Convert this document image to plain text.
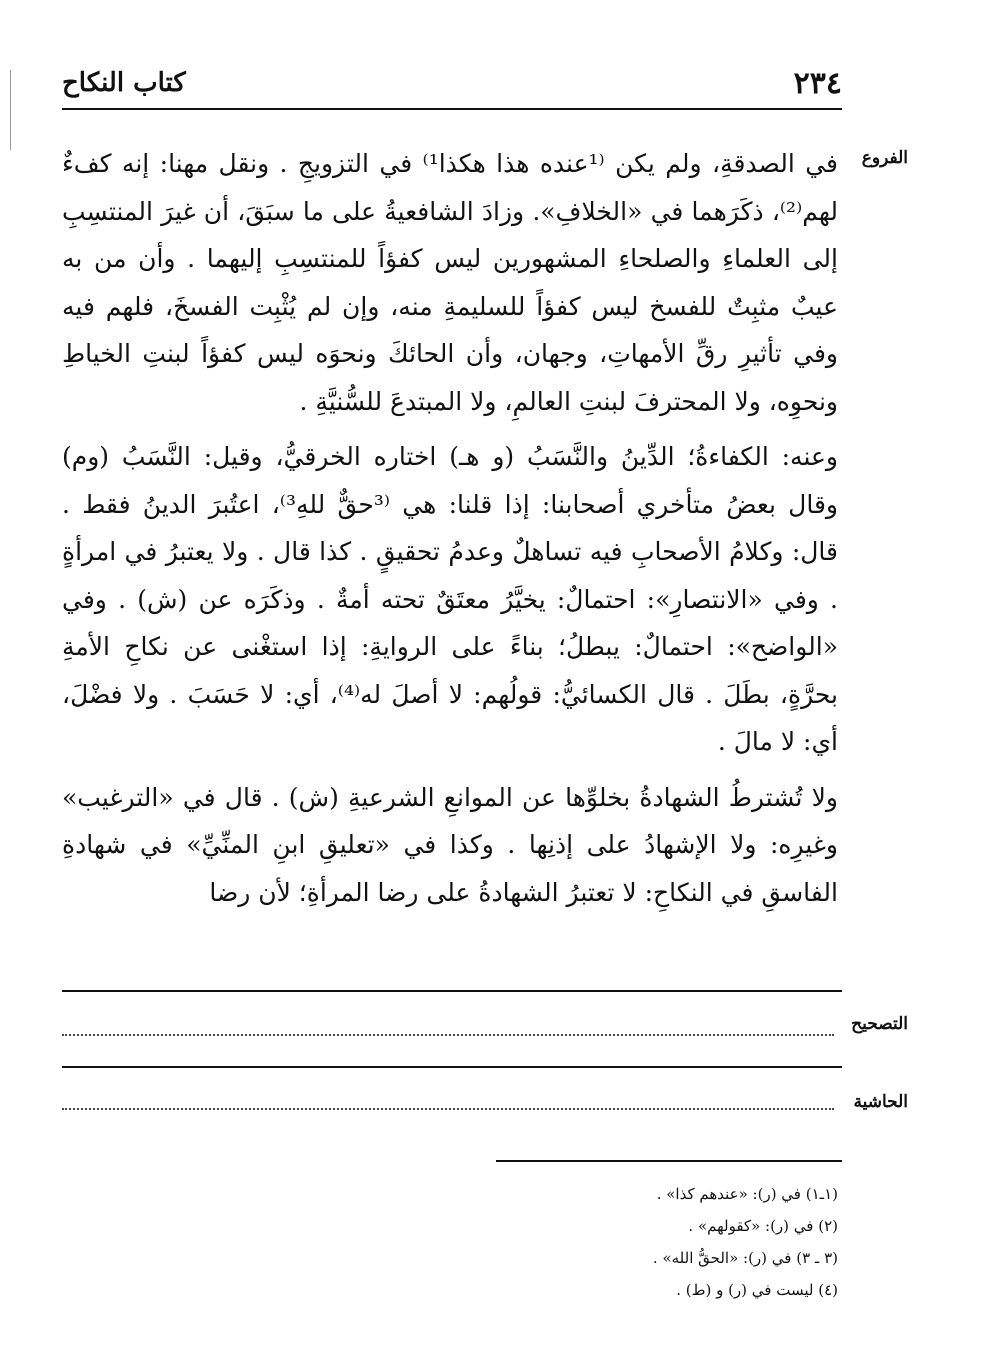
٢٣٤
كتاب النكاح
الفروع

في الصدقةِ، ولم يكن ⁽¹عنده هذا هكذا¹⁾ في التزويجِ . ونقل مهنا: إنه كفءٌ لهم⁽²⁾، ذكَرَهما في «الخلافِ». وزادَ الشافعيةُ على ما سبَقَ، أن غيرَ المنتسِبِ إلى العلماءِ والصلحاءِ المشهورين ليس كفؤاً للمنتسِبِ إليهما . وأن من به عيبٌ مثبِتٌ للفسخ ليس كفؤاً للسليمةِ منه، وإن لم يُثْبِت الفسخَ، فلهم فيه وفي تأثيرِ رقِّ الأمهاتِ، وجهان، وأن الحائكَ ونحوَه ليس كفؤاً لبنتِ الخياطِ ونحوِه، ولا المحترفَ لبنتِ العالمِ، ولا المبتدعَ للسُّنيَّةِ .

وعنه: الكفاءةُ؛ الدِّينُ والنَّسَبُ (و هـ) اختاره الخرقيُّ، وقيل: النَّسَبُ (وم) وقال بعضُ متأخري أصحابنا: إذا قلنا: هي ⁽³حقٌّ للهِ³⁾، اعتُبرَ الدينُ فقط . قال: وكلامُ الأصحابِ فيه تساهلٌ وعدمُ تحقيقٍ . كذا قال . ولا يعتبرُ في امرأةٍ . وفي «الانتصارِ»: احتمالٌ: يخيَّرُ معتَقٌ تحته أمةٌ . وذكَرَه عن (ش) . وفي «الواضح»: احتمالٌ: يبطلُ؛ بناءً على الروايةِ: إذا استغْنى عن نكاحِ الأمةِ بحرَّةٍ، بطَلَ . قال الكسائيُّ: قولُهم: لا أصلَ له⁽⁴⁾، أي: لا حَسَبَ . ولا فضْلَ، أي: لا مالَ .

ولا تُشترطُ الشهادةُ بخلوِّها عن الموانعِ الشرعيةِ (ش) . قال في «الترغيب» وغيرِه: ولا الإشهادُ على إذنِها . وكذا في «تعليقِ ابنِ المنِّيِّ» في شهادةِ الفاسقِ في النكاحِ: لا تعتبرُ الشهادةُ على رضا المرأةِ؛ لأن رضا

التصحيح
الحاشية
(١ـ١) في (ر): «عندهم كذا» .
(٢) في (ر): «كقولهم» .
(٣ ـ ٣) في (ر): «الحقُّ الله» .
(٤) ليست في (ر) و (ط) .
